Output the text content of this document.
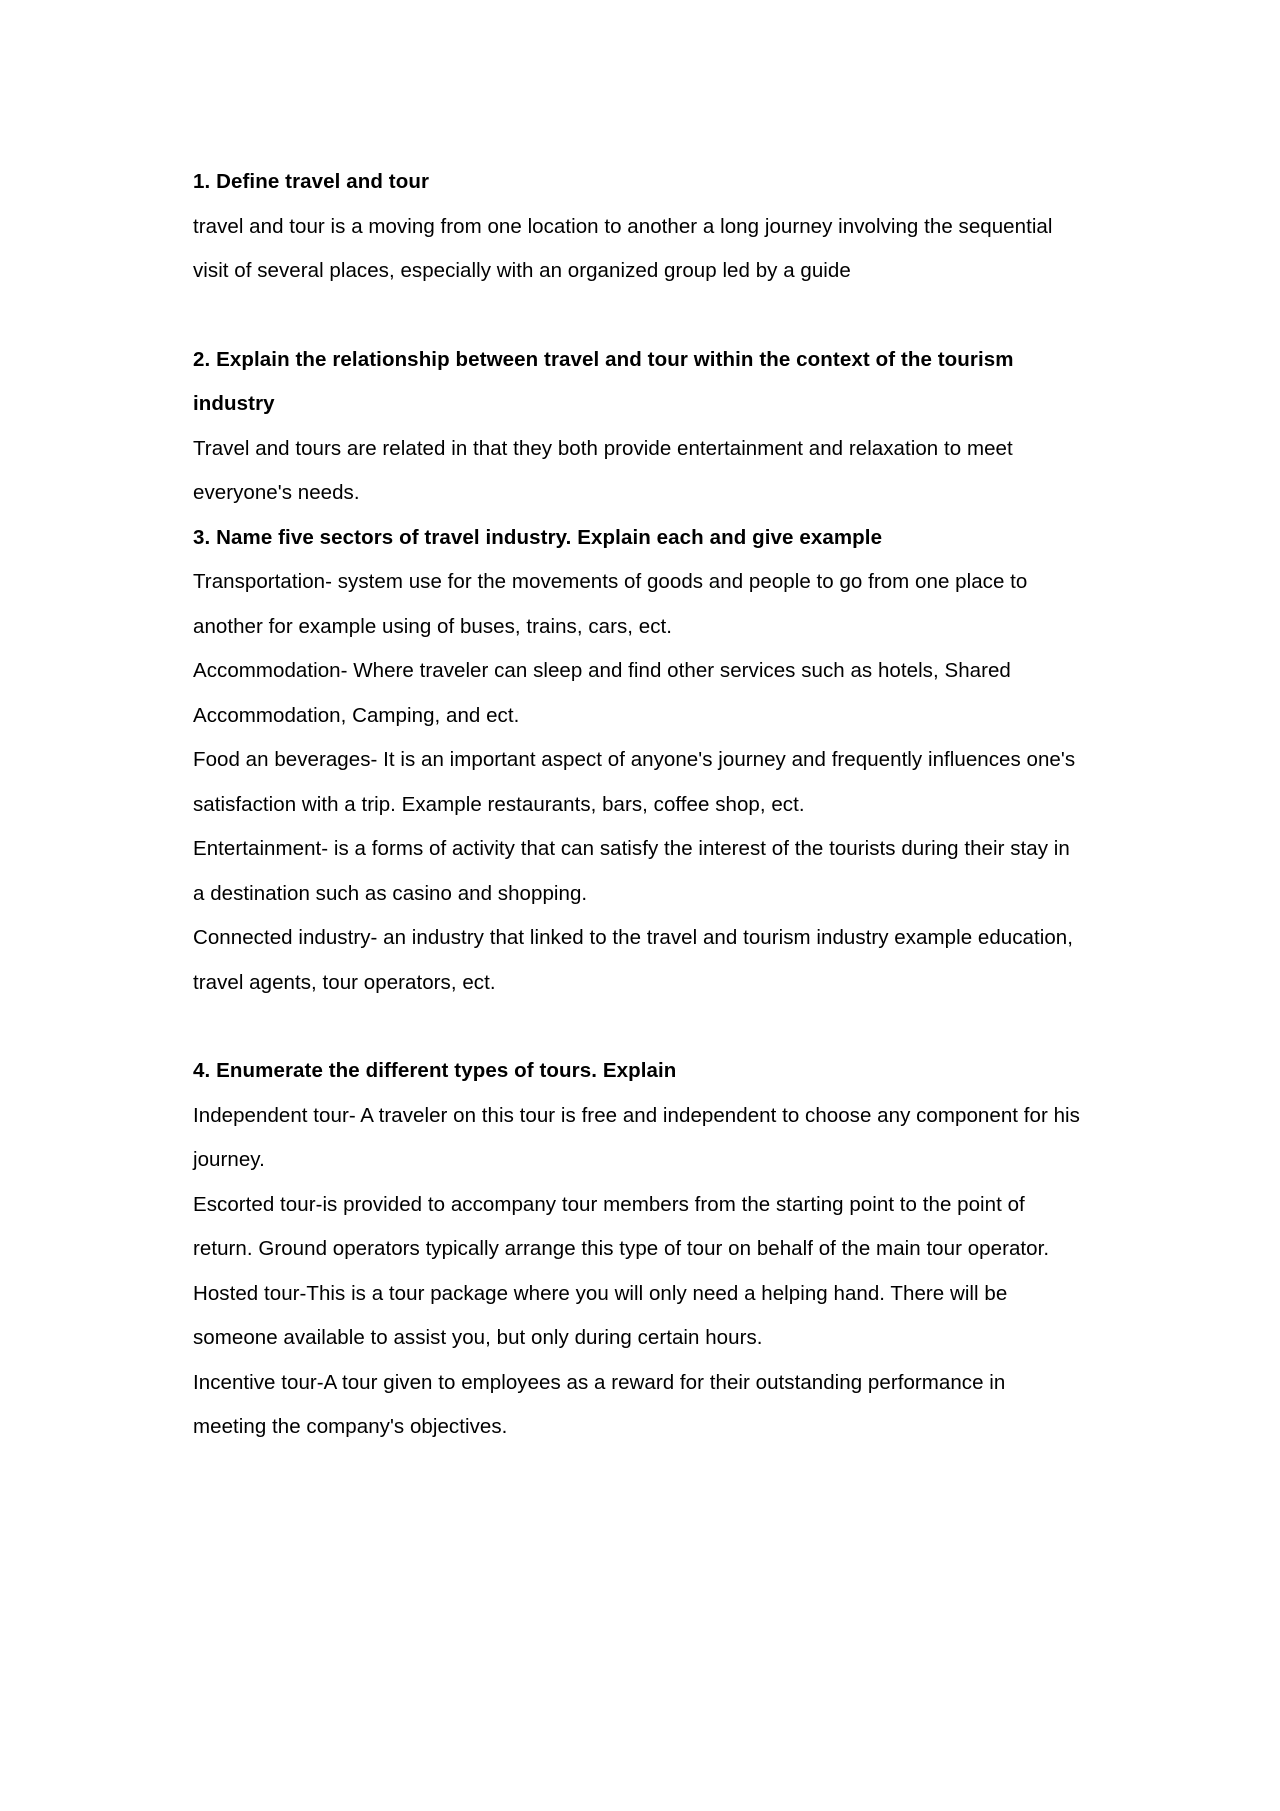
1. Define travel and tour

travel and tour is a moving from one location to another a long journey involving the sequential visit of several places, especially with an organized group led by a guide

2. Explain the relationship between travel and tour within the context of the tourism industry

Travel and tours are related in that they both provide entertainment and relaxation to meet everyone's needs.

3. Name five sectors of travel industry. Explain each and give example

Transportation- system use for the movements of goods and people to go from one place to another for example using of buses, trains, cars, ect.

Accommodation- Where traveler can sleep and find other services such as hotels, Shared Accommodation, Camping, and ect.

Food an beverages- It is an important aspect of anyone's journey and frequently influences one's satisfaction with a trip. Example restaurants, bars, coffee shop, ect.

Entertainment- is a forms of activity that can satisfy the interest of the tourists during their stay in a destination such as casino and shopping.

Connected industry- an industry that linked to the travel and tourism industry example education, travel agents, tour operators, ect.

4. Enumerate the different types of tours. Explain

Independent tour- A traveler on this tour is free and independent to choose any component for his journey.

Escorted tour-is provided to accompany tour members from the starting point to the point of return. Ground operators typically arrange this type of tour on behalf of the main tour operator.

Hosted tour-This is a tour package where you will only need a helping hand. There will be someone available to assist you, but only during certain hours.

Incentive tour-A tour given to employees as a reward for their outstanding performance in meeting the company's objectives.
